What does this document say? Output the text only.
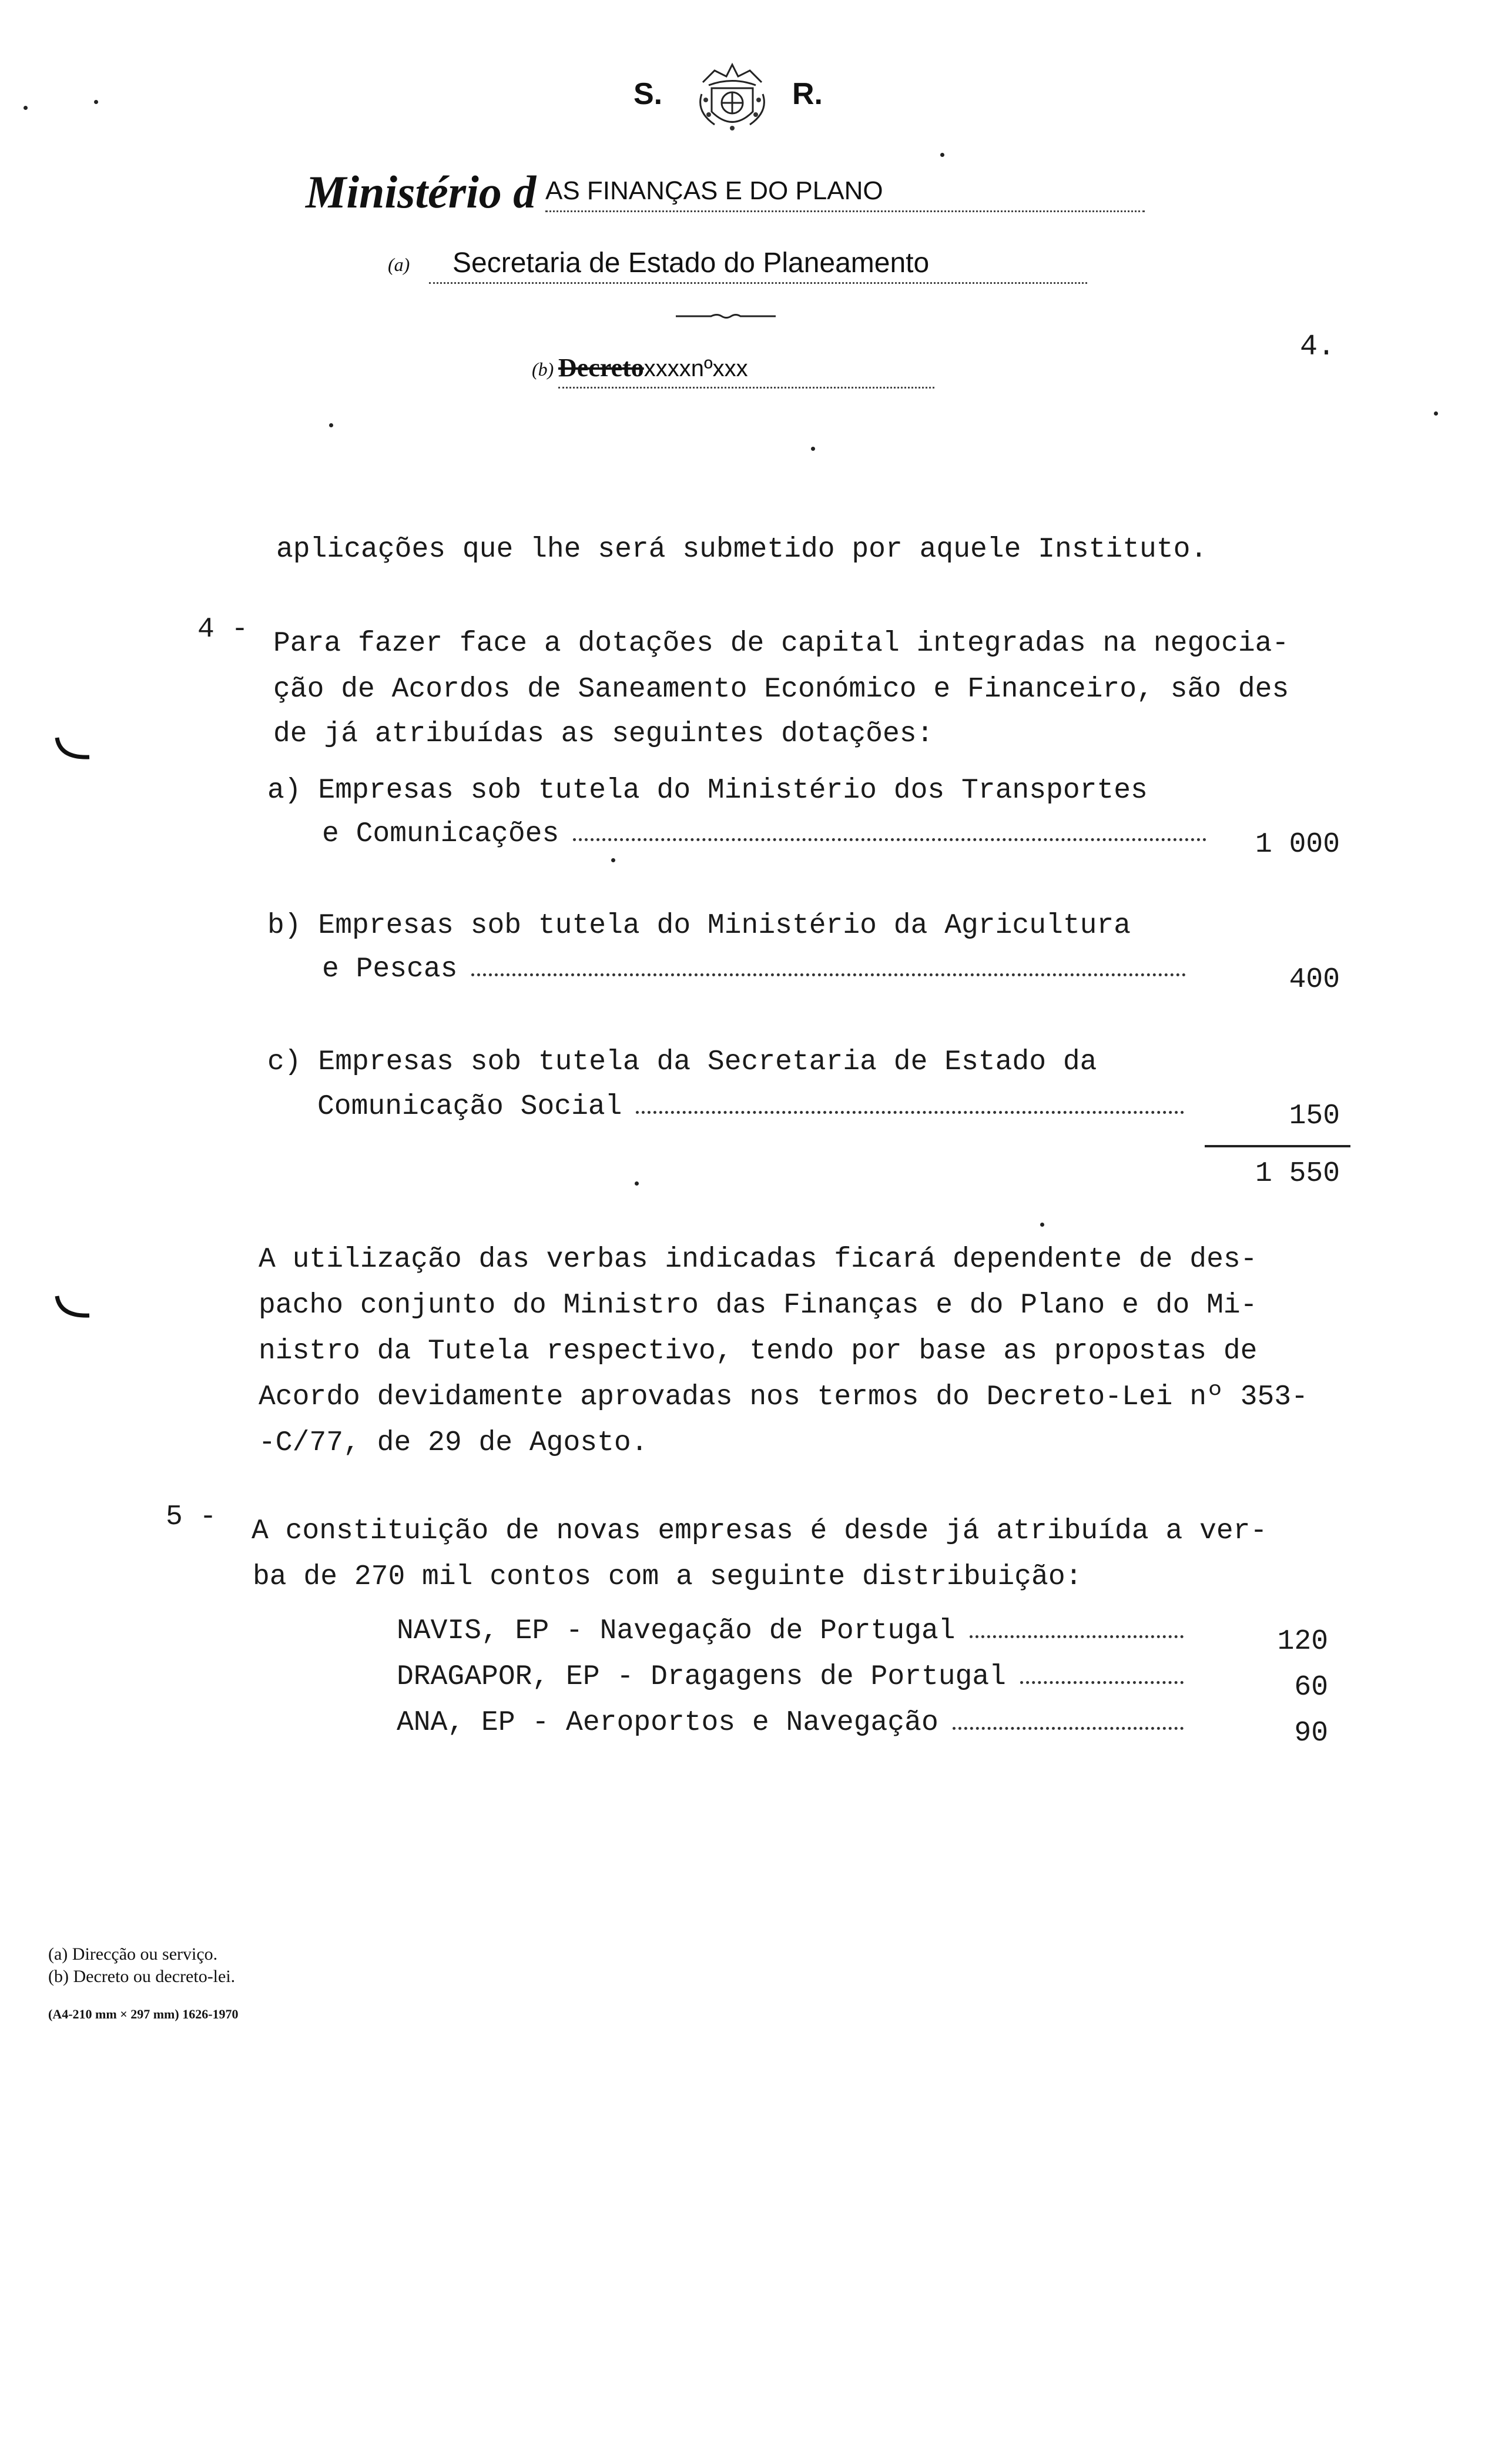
S.	R.
Ministério d AS FINANÇAS E DO PLANO
(a)	Secretaria de Estado do Planeamento
(b) Decretoxxxxnºxxx
4.
aplicações que lhe será submetido por aquele Instituto.
4 - Para fazer face a dotações de capital integradas na negocia-
ção de Acordos de Saneamento Económico e Financeiro, são des
de já atribuídas as seguintes dotações:
a) Empresas sob tutela do Ministério dos Transportes
e Comunicações	1 000
b) Empresas sob tutela do Ministério da Agricultura
e Pescas	400
c) Empresas sob tutela da Secretaria de Estado da
Comunicação Social	150
1 550
A utilização das verbas indicadas ficará dependente de des-
pacho conjunto do Ministro das Finanças e do Plano e do Mi-
nistro da Tutela respectivo, tendo por base as propostas de
Acordo devidamente aprovadas nos termos do Decreto-Lei nº 353-
-C/77, de 29 de Agosto.
5 - A constituição de novas empresas é desde já atribuída a ver-
ba de 270 mil contos com a seguinte distribuição:
NAVIS, EP - Navegação de Portugal	120
DRAGAPOR, EP - Dragagens de Portugal	60
ANA, EP - Aeroportos e Navegação	90
(a) Direcção ou serviço.
(b) Decreto ou decreto-lei.
(A4-210 mm × 297 mm) 1626-1970
